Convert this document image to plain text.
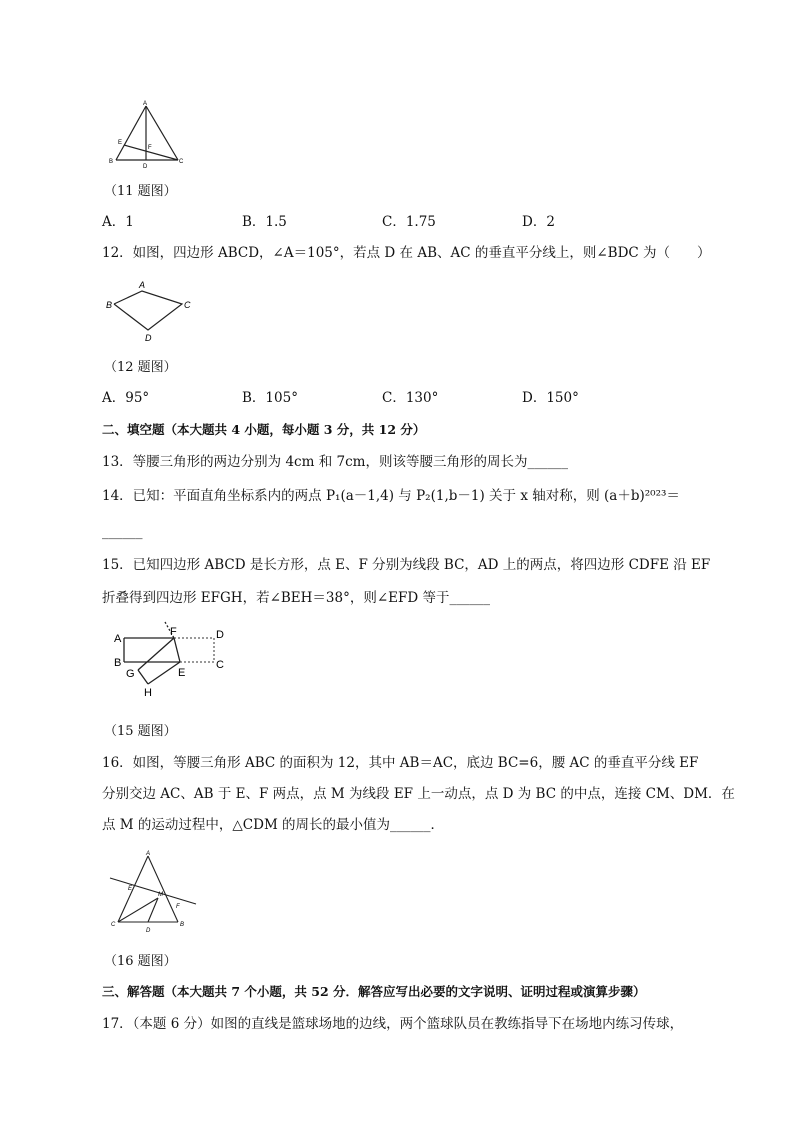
A
B	C
D
E
F
（11 题图）
A．1	B．1.5	C．1.75	D．2
12．如图，四边形 ABCD，∠A＝105°，若点 D 在 AB、AC 的垂直平分线上，则∠BDC 为（　　）
A
B	C
D
（12 题图）
A．95°	B．105°	C．130°	D．150°
二、填空题（本大题共 4 小题，每小题 3 分，共 12 分）
13．等腰三角形的两边分别为 4cm 和 7cm，则该等腰三角形的周长为______
14．已知：平面直角坐标系内的两点 P₁(a－1,4) 与 P₂(1,b－1) 关于 x 轴对称，则 (a＋b)²⁰²³＝
______
15．已知四边形 ABCD 是长方形，点 E、F 分别为线段 BC，AD 上的两点，将四边形 CDFE 沿 EF
折叠得到四边形 EFGH，若∠BEH＝38°，则∠EFD 等于______
A
B
F	D
C
E
G
H
（15 题图）
16．如图，等腰三角形 ABC 的面积为 12，其中 AB＝AC，底边 BC=6，腰 AC 的垂直平分线 EF
分别交边 AC、AB 于 E、F 两点，点 M 为线段 EF 上一动点，点 D 为 BC 的中点，连接 CM、DM．在
点 M 的运动过程中，△CDM 的周长的最小值为______．
A
C	B
D
E
F
M
（16 题图）
三、解答题（本大题共 7 个小题，共 52 分．解答应写出必要的文字说明、证明过程或演算步骤）
17．（本题 6 分）如图的直线是篮球场地的边线，两个篮球队员在教练指导下在场地内练习传球，
